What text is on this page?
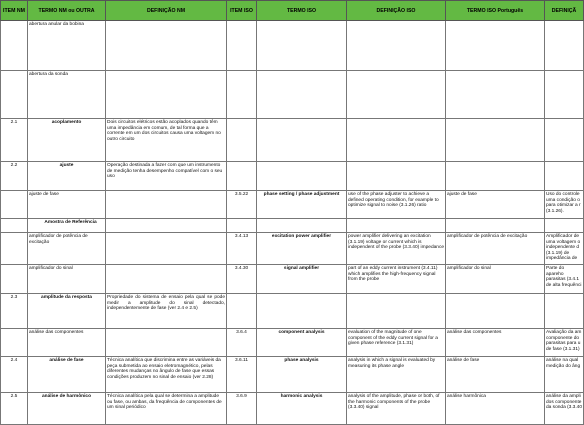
ITEM NM	TERMO NM ou OUTRA	DEFINIÇÃO NM	ITEM ISO	TERMO ISO	DEFINIÇÃO ISO	TERMO ISO Português	DEFINIÇÃ
	abertura anular da bobina						
	abertura da sonda						
2.1	acoplamento	Dois circuitos elétricos estão acoplados quando têm uma impedância em comum, de tal forma que a corrente em um dos circuitos causa uma voltagem no outro circuito					
2.2	ajuste	Operação destinada a fazer com que um instrumento de medição tenha desempenho compatível com o seu uso					
	ajuste de fase		3.5.22	phase setting / phase adjustment	use of the phase adjuster to achieve a defined operating condition, for example to optimize signal to noise (3.1.26) ratio	ajuste de fase	Uso do controle uma condição o para otimizar a r (3.1.26).
	Amostra de Referência						
	amplificador de potência de excitação		3.4.13	excitation power amplifier	power amplifier delivering an excitation (3.1.19) voltage or current which is independent of the probe (3.3.40) impedance	amplificador de potência de excitação	Amplificador de uma voltagem o independente d (3.1.19) de impedância de
	amplificador do sinal		3.4.30	signal amplifier	part of an eddy current instrument (3.4.11) which amplifies the high-frequency signal from the probe	amplificador do sinal	Parte do apareho parasitas (3.4.1 de alta frequênci
2.3	amplitude da resposta	Propriedade do sistema de ensaio pela qual se pode medir a amplitude do sinal detectado, independentemente de fase (ver 2.4 e 2.5)					
	análise das componentes		3.6.4	component analysis	evaluation of the magnitude of one component of the eddy current signal for a given phase reference (3.1.31)	análise das componentes	Avaliação da am componente do parasitas para u de fase (3.1.31)
2.4	análise de fase	Técnica analítica que discrimina entre as variáveis da peça submetida ao ensaio eletromagnético, pelas diferentes mudanças no ângulo de fase que essas condições produzem no sinal de ensaio (ver 2.28)	3.6.11	phase analysis	analysis in which a signal is evaluated by measuring its phase angle	análise de fase	análise na qual medição do âng
2.5	análise de harmônico	Técnica analítica pela qual se determina a amplitude ou fase, ou ambas, da freqüência de componentes de um sinal periódico	3.6.9	harmonic analysis	analysis of the amplitude, phase or both, of the harmonic components of the probe (3.3.40) signal	análise harmônica	análise da ampli dos componente da sonda (3.3.40
